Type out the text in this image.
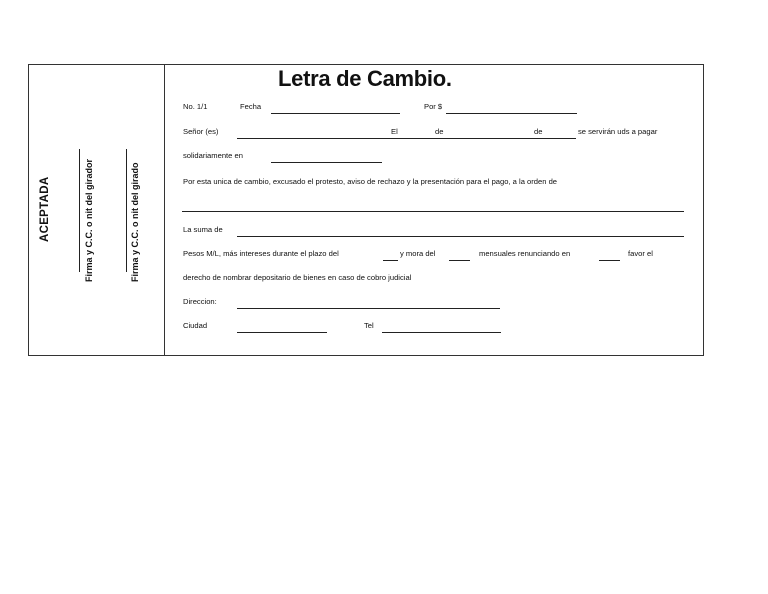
ACEPTADA	Firma y C.C. o nit del girador	Firma y C.C. o nit del girado
Letra de Cambio.
No. 1/1	Fecha	Por $
Señor (es)	El	de	de	se servirán uds a pagar
solidariamente en
Por esta unica de cambio, excusado el protesto, aviso de rechazo y la presentación para el pago, a la orden de
La suma de
Pesos M/L, más intereses durante el plazo del	y mora del	mensuales renunciando en	favor el
derecho de nombrar depositario de bienes en caso de cobro judicial
Direccion:
Ciudad	Tel
